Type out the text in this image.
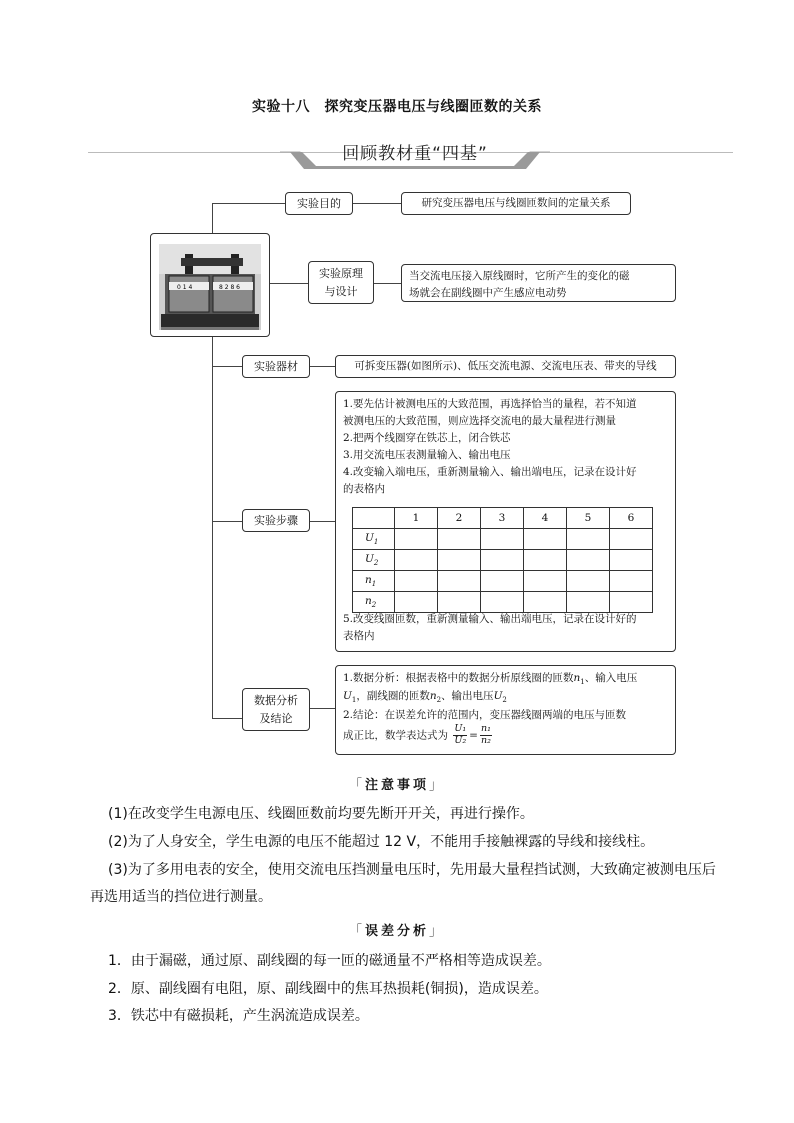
实验十八　探究变压器电压与线圈匝数的关系
回顾教材重“四基”
0 1 4	8 2 8 6
实验目的	研究变压器电压与线圈匝数间的定量关系
实验原理
与设计
当交流电压接入原线圈时，它所产生的变化的磁
场就会在副线圈中产生感应电动势
实验器材	可拆变压器(如图所示)、低压交流电源、交流电压表、带夹的导线
实验步骤
1.要先估计被测电压的大致范围，再选择恰当的量程，若不知道
被测电压的大致范围，则应选择交流电的最大量程进行测量
2.把两个线圈穿在铁芯上，闭合铁芯
3.用交流电压表测量输入、输出电压
4.改变输入端电压，重新测量输入、输出端电压，记录在设计好
的表格内
5.改变线圈匝数，重新测量输入、输出端电压，记录在设计好的
表格内
	1	2	3	4	5	6
$U_1$						
$U_2$						
$n_1$						
$n_2$						
数据分析
及结论
1.数据分析：根据表格中的数据分析原线圈的匝数$n_1$、输入电压
$U_1$，副线圈的匝数$n_2$、输出电压$U_2$
2.结论：在误差允许的范围内，变压器线圈两端的电压与匝数
成正比，数学表达式为 $\frac{\text{U₁}}{\text{U₂}} = \frac{\text{n₁}}{\text{n₂}}$
「注意事项」
(1)在改变学生电源电压、线圈匝数前均要先断开开关，再进行操作。
(2)为了人身安全，学生电源的电压不能超过 12 V，不能用手接触裸露的导线和接线柱。
(3)为了多用电表的安全，使用交流电压挡测量电压时，先用最大量程挡试测，大致确定被测电压后
再选用适当的挡位进行测量。
「误差分析」
1．由于漏磁，通过原、副线圈的每一匝的磁通量不严格相等造成误差。
2．原、副线圈有电阻，原、副线圈中的焦耳热损耗(铜损)，造成误差。
3．铁芯中有磁损耗，产生涡流造成误差。
